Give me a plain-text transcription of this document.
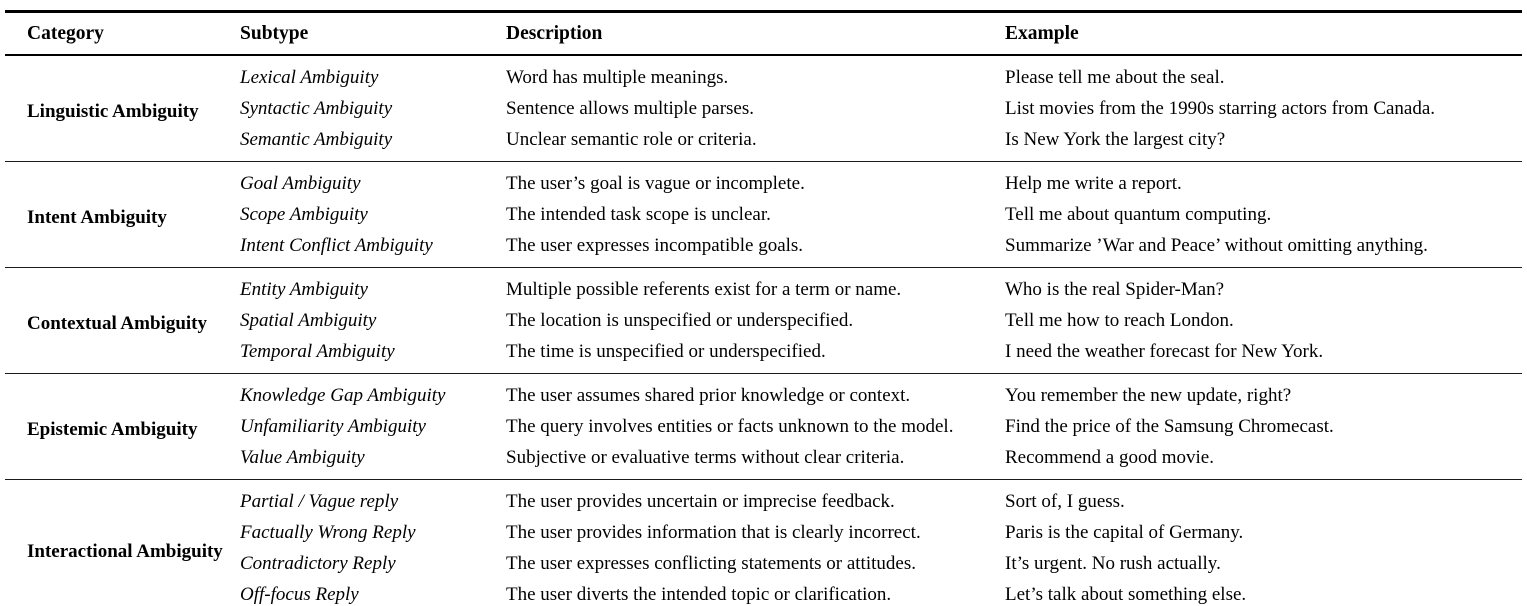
Category	Subtype	Description	Example
Linguistic Ambiguity	Lexical Ambiguity	Word has multiple meanings.	Please tell me about the seal.
	Syntactic Ambiguity	Sentence allows multiple parses.	List movies from the 1990s starring actors from Canada.
	Semantic Ambiguity	Unclear semantic role or criteria.	Is New York the largest city?
Intent Ambiguity	Goal Ambiguity	The user’s goal is vague or incomplete.	Help me write a report.
	Scope Ambiguity	The intended task scope is unclear.	Tell me about quantum computing.
	Intent Conflict Ambiguity	The user expresses incompatible goals.	Summarize ’War and Peace’ without omitting anything.
Contextual Ambiguity	Entity Ambiguity	Multiple possible referents exist for a term or name.	Who is the real Spider-Man?
	Spatial Ambiguity	The location is unspecified or underspecified.	Tell me how to reach London.
	Temporal Ambiguity	The time is unspecified or underspecified.	I need the weather forecast for New York.
Epistemic Ambiguity	Knowledge Gap Ambiguity	The user assumes shared prior knowledge or context.	You remember the new update, right?
	Unfamiliarity Ambiguity	The query involves entities or facts unknown to the model.	Find the price of the Samsung Chromecast.
	Value Ambiguity	Subjective or evaluative terms without clear criteria.	Recommend a good movie.
Interactional Ambiguity	Partial / Vague reply	The user provides uncertain or imprecise feedback.	Sort of, I guess.
	Factually Wrong Reply	The user provides information that is clearly incorrect.	Paris is the capital of Germany.
	Contradictory Reply	The user expresses conflicting statements or attitudes.	It’s urgent. No rush actually.
	Off-focus Reply	The user diverts the intended topic or clarification.	Let’s talk about something else.
